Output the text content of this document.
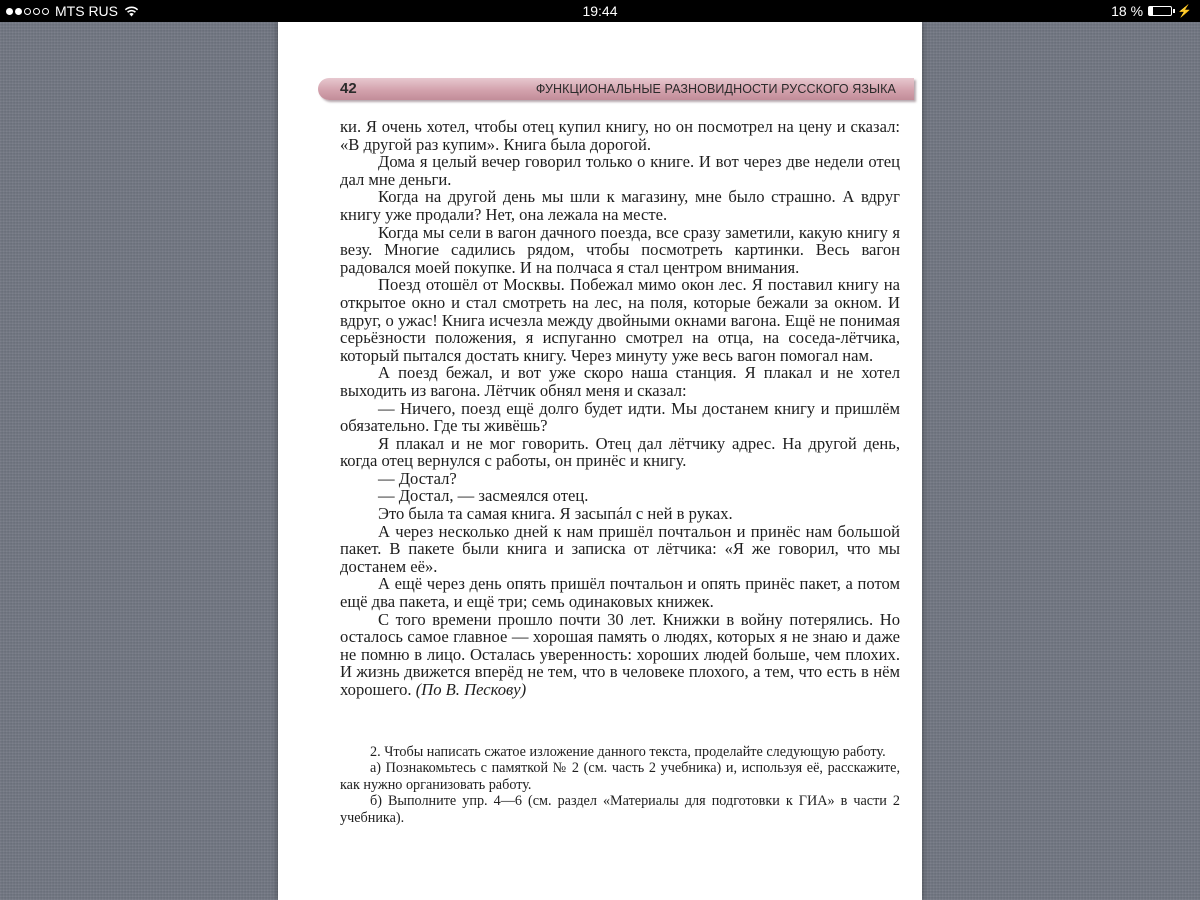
MTS RUS	19:44	18 %	⚡
42	ФУНКЦИОНАЛЬНЫЕ РАЗНОВИДНОСТИ РУССКОГО ЯЗЫКА

ки. Я очень хотел, чтобы отец купил книгу, но он посмотрел на цену и сказал: «В другой раз купим». Книга была дорогой.

Дома я целый вечер говорил только о книге. И вот через две недели отец дал мне деньги.

Когда на другой день мы шли к магазину, мне было страшно. А вдруг книгу уже продали? Нет, она лежала на месте.

Когда мы сели в вагон дачного поезда, все сразу заметили, какую книгу я везу. Многие садились рядом, чтобы посмотреть картинки. Весь вагон радовался моей покупке. И на полчаса я стал центром внимания.

Поезд отошёл от Москвы. Побежал мимо окон лес. Я поставил книгу на открытое окно и стал смотреть на лес, на поля, которые бежали за окном. И вдруг, о ужас! Книга исчезла между двойными окнами вагона. Ещё не понимая серьёзности положения, я испуганно смотрел на отца, на соседа-лётчика, который пытался достать книгу. Через минуту уже весь вагон помогал нам.

А поезд бежал, и вот уже скоро наша станция. Я плакал и не хотел выходить из вагона. Лётчик обнял меня и сказал:

— Ничего, поезд ещё долго будет идти. Мы достанем книгу и пришлём обязательно. Где ты живёшь?

Я плакал и не мог говорить. Отец дал лётчику адрес. На другой день, когда отец вернулся с работы, он принёс и книгу.

— Достал?

— Достал, — засмеялся отец.

Это была та самая книга. Я засыпáл с ней в руках.

А через несколько дней к нам пришёл почтальон и принёс нам большой пакет. В пакете были книга и записка от лётчика: «Я же говорил, что мы достанем её».

А ещё через день опять пришёл почтальон и опять принёс пакет, а потом ещё два пакета, и ещё три; семь одинаковых книжек.

С того времени прошло почти 30 лет. Книжки в войну потерялись. Но осталось самое главное — хорошая память о людях, которых я не знаю и даже не помню в лицо. Осталась уверенность: хороших людей больше, чем плохих. И жизнь движется вперёд не тем, что в человеке плохого, а тем, что есть в нём хорошего. (По В. Пескову)

2. Чтобы написать сжатое изложение данного текста, проделайте следующую работу.

а) Познакомьтесь с памяткой № 2 (см. часть 2 учебника) и, используя её, расскажите, как нужно организовать работу.

б) Выполните упр. 4—6 (см. раздел «Материалы для подготовки к ГИА» в части 2 учебника).
